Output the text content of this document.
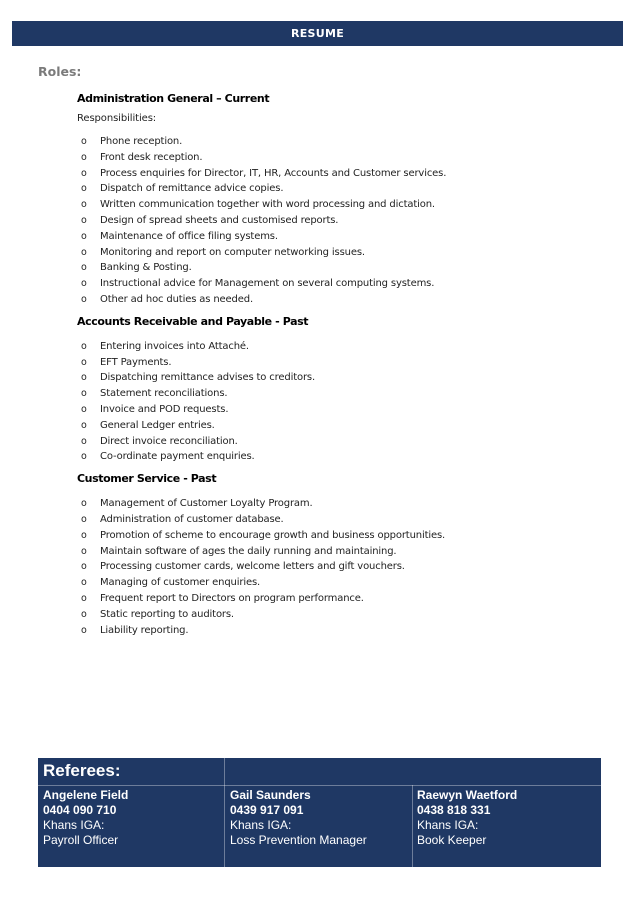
RESUME
Roles:
Administration General – Current
Responsibilities:
o Phone reception.
o Front desk reception.
o Process enquiries for Director, IT, HR, Accounts and Customer services.
o Dispatch of remittance advice copies.
o Written communication together with word processing and dictation.
o Design of spread sheets and customised reports.
o Maintenance of office filing systems.
o Monitoring and report on computer networking issues.
o Banking & Posting.
o Instructional advice for Management on several computing systems.
o Other ad hoc duties as needed.
Accounts Receivable and Payable - Past
o Entering invoices into Attaché.
o EFT Payments.
o Dispatching remittance advises to creditors.
o Statement reconciliations.
o Invoice and POD requests.
o General Ledger entries.
o Direct invoice reconciliation.
o Co-ordinate payment enquiries.
Customer Service - Past
o Management of Customer Loyalty Program.
o Administration of customer database.
o Promotion of scheme to encourage growth and business opportunities.
o Maintain software of ages the daily running and maintaining.
o Processing customer cards, welcome letters and gift vouchers.
o Managing of customer enquiries.
o Frequent report to Directors on program performance.
o Static reporting to auditors.
o Liability reporting.
Referees:
Angelene Field
0404 090 710
Khans IGA:
Payroll Officer
Gail Saunders
0439 917 091
Khans IGA:
Loss Prevention Manager
Raewyn Waetford
0438 818 331
Khans IGA:
Book Keeper
